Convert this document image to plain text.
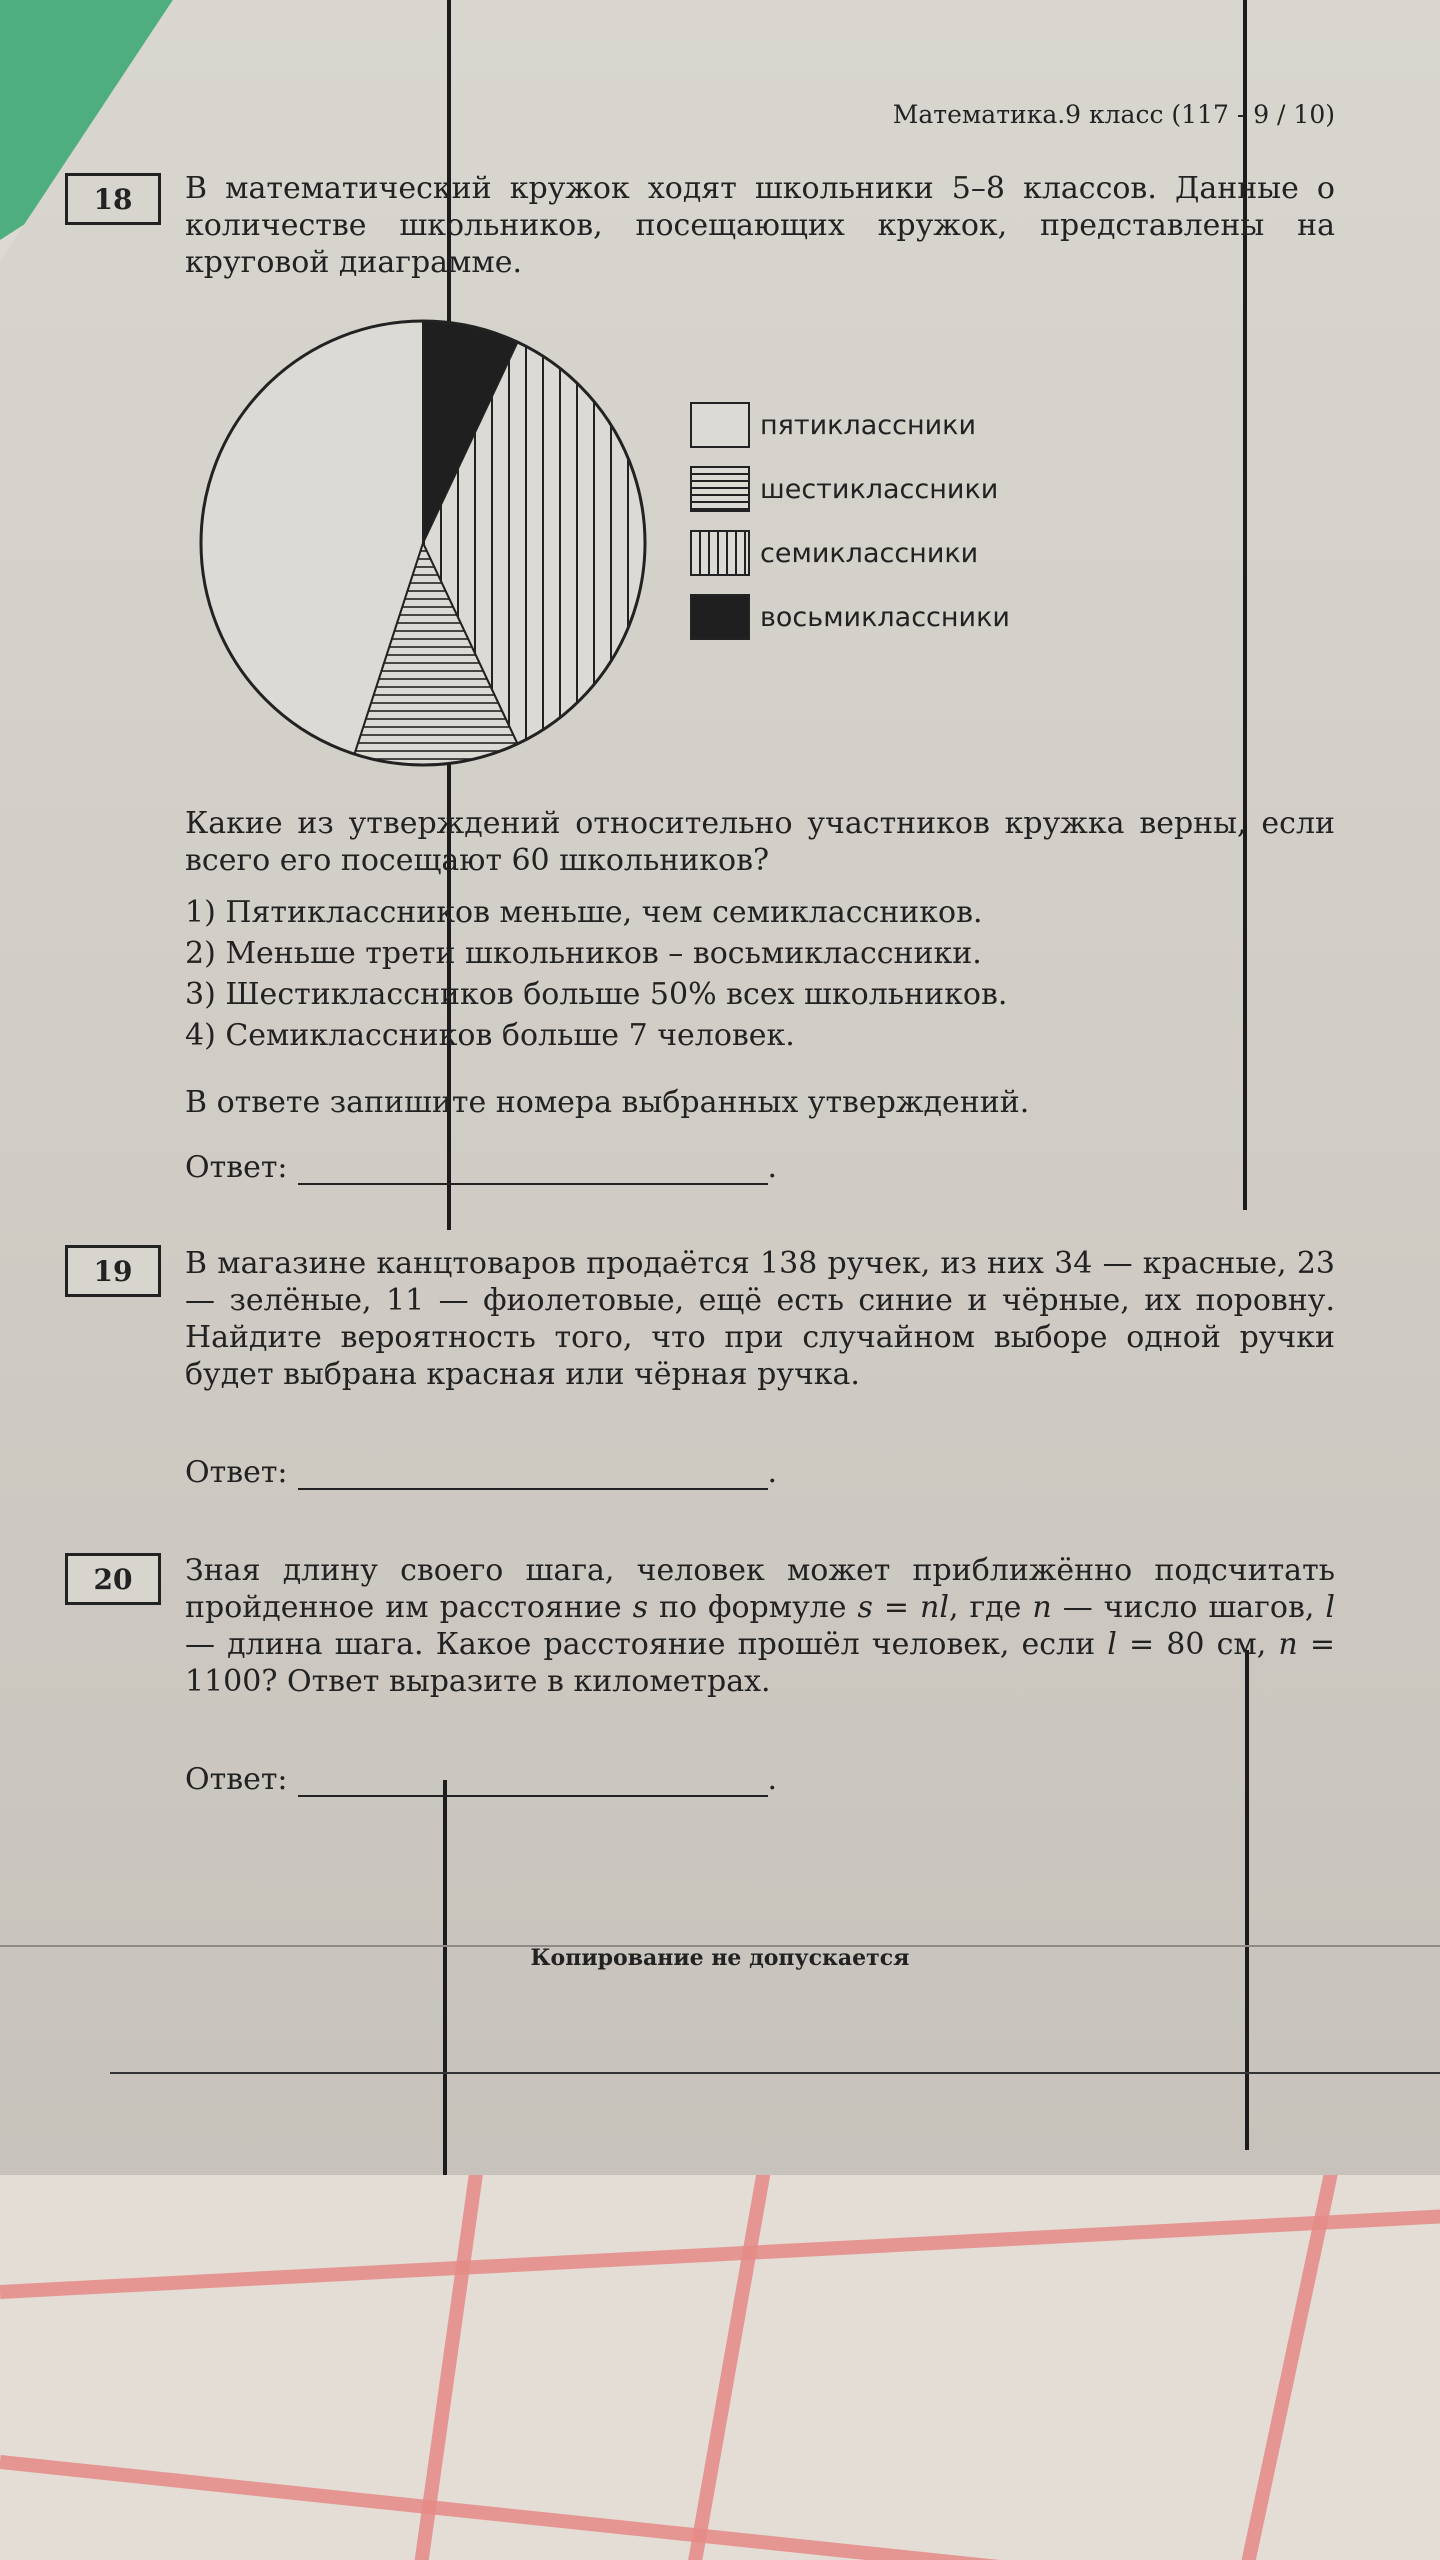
Математика.9 класс (117 - 9 / 10)
18	В математический кружок ходят школьники 5–8 классов. Данные о количестве школьников, посещающих кружок, представлены на круговой диаграмме.
пятиклассники
шестиклассники
семиклассники
восьмиклассники
Какие из утверждений относительно участников кружка верны, если всего его посещают 60 школьников?
1) Пятиклассников меньше, чем семиклассников.
2) Меньше трети школьников – восьмиклассники.
3) Шестиклассников больше 50% всех школьников.
4) Семиклассников больше 7 человек.
В ответе запишите номера выбранных утверждений.
Ответ:	.
19	В магазине канцтоваров продаётся 138 ручек, из них 34 — красные, 23 — зелёные, 11 — фиолетовые, ещё есть синие и чёрные, их поровну. Найдите вероятность того, что при случайном выборе одной ручки будет выбрана красная или чёрная ручка.
Ответ:	.
20	Зная длину своего шага, человек может приближённо подсчитать пройденное им расстояние s по формуле s = nl, где n — число шагов, l — длина шага. Какое расстояние прошёл человек, если l = 80 см, n = 1100? Ответ выразите в километрах.
Ответ:	.
Копирование не допускается
